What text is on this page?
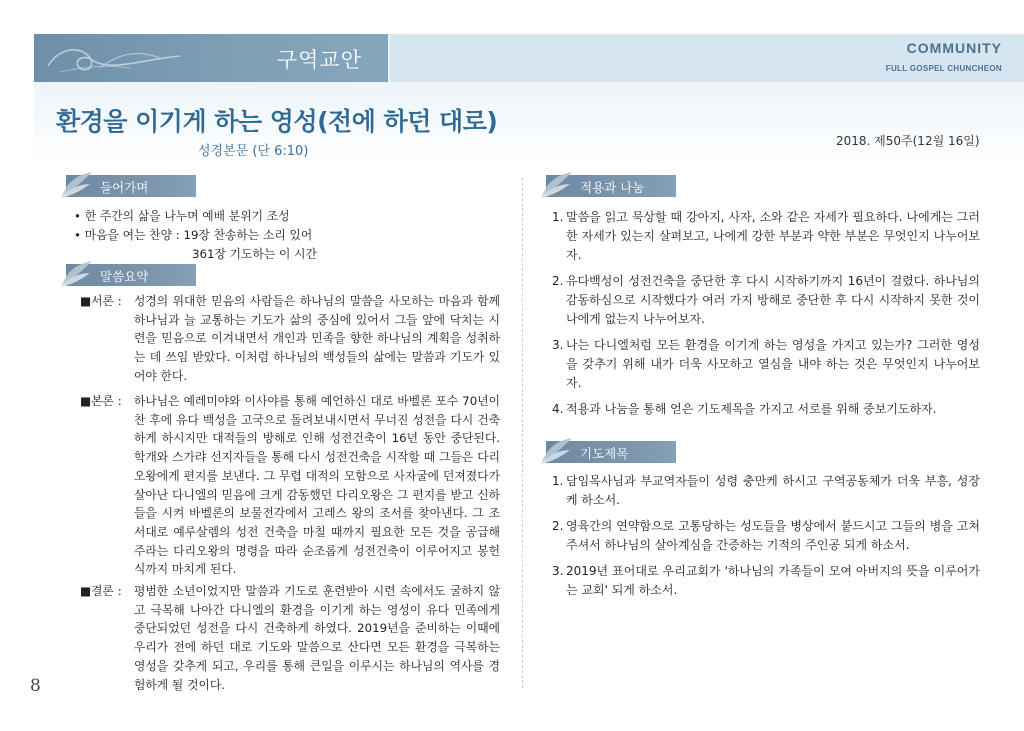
구역교안	COMMUNITY
FULL GOSPEL CHUNCHEON
환경을 이기게 하는 영성(전에 하던 대로)
성경본문 (단 6:10)
2018. 제50주(12월 16일)
들어가며
• 한 주간의 삶을 나누며 예배 분위기 조성
• 마음을 여는 찬양 : 19장 찬송하는 소리 있어
361장 기도하는 이 시간
말씀요약
■서론 :	성경의 위대한 믿음의 사람들은 하나님의 말씀을 사모하는 마음과 함께 하나님과 늘 교통하는 기도가 삶의 중심에 있어서 그들 앞에 닥치는 시련을 믿음으로 이겨내면서 개인과 민족을 향한 하나님의 계획을 성취하는 데 쓰임 받았다. 이처럼 하나님의 백성들의 삶에는 말씀과 기도가 있어야 한다.
■본론 :	하나님은 예레미야와 이사야를 통해 예언하신 대로 바벨론 포수 70년이 찬 후에 유다 백성을 고국으로 돌려보내시면서 무너진 성전을 다시 건축하게 하시지만 대적들의 방해로 인해 성전건축이 16년 동안 중단된다. 학개와 스가랴 선지자들을 통해 다시 성전건축을 시작할 때 그들은 다리오왕에게 편지를 보낸다. 그 무렵 대적의 모함으로 사자굴에 던져졌다가 살아난 다니엘의 믿음에 크게 감동했던 다리오왕은 그 편지를 받고 신하들을 시켜 바벨론의 보물전각에서 고레스 왕의 조서를 찾아낸다. 그 조서대로 예루살렘의 성전 건축을 마칠 때까지 필요한 모든 것을 공급해 주라는 다리오왕의 명령을 따라 순조롭게 성전건축이 이루어지고 봉헌식까지 마치게 된다.
■결론 :	평범한 소년이었지만 말씀과 기도로 훈련받아 시련 속에서도 굴하지 않고 극복해 나아간 다니엘의 환경을 이기게 하는 영성이 유다 민족에게 중단되었던 성전을 다시 건축하게 하였다. 2019년을 준비하는 이때에 우리가 전에 하던 대로 기도와 말씀으로 산다면 모든 환경을 극복하는 영성을 갖추게 되고, 우리를 통해 큰일을 이루시는 하나님의 역사를 경험하게 될 것이다.
적용과 나눔
1. 말씀을 읽고 묵상할 때 강아지, 사자, 소와 같은 자세가 필요하다. 나에게는 그러한 자세가 있는지 살펴보고, 나에게 강한 부분과 약한 부분은 무엇인지 나누어보자.
2. 유다백성이 성전건축을 중단한 후 다시 시작하기까지 16년이 걸렸다. 하나님의 감동하심으로 시작했다가 여러 가지 방해로 중단한 후 다시 시작하지 못한 것이 나에게 없는지 나누어보자.
3. 나는 다니엘처럼 모든 환경을 이기게 하는 영성을 가지고 있는가? 그러한 영성을 갖추기 위해 내가 더욱 사모하고 열심을 내야 하는 것은 무엇인지 나누어보자.
4. 적용과 나눔을 통해 얻은 기도제목을 가지고 서로를 위해 중보기도하자.
기도제목
1. 담임목사님과 부교역자들이 성령 충만케 하시고 구역공동체가 더욱 부흥, 성장케 하소서.
2. 영육간의 연약함으로 고통당하는 성도들을 병상에서 붙드시고 그들의 병을 고쳐주셔서 하나님의 살아계심을 간증하는 기적의 주인공 되게 하소서.
3. 2019년 표어대로 우리교회가 '하나님의 가족들이 모여 아버지의 뜻을 이루어가는 교회' 되게 하소서.
8
